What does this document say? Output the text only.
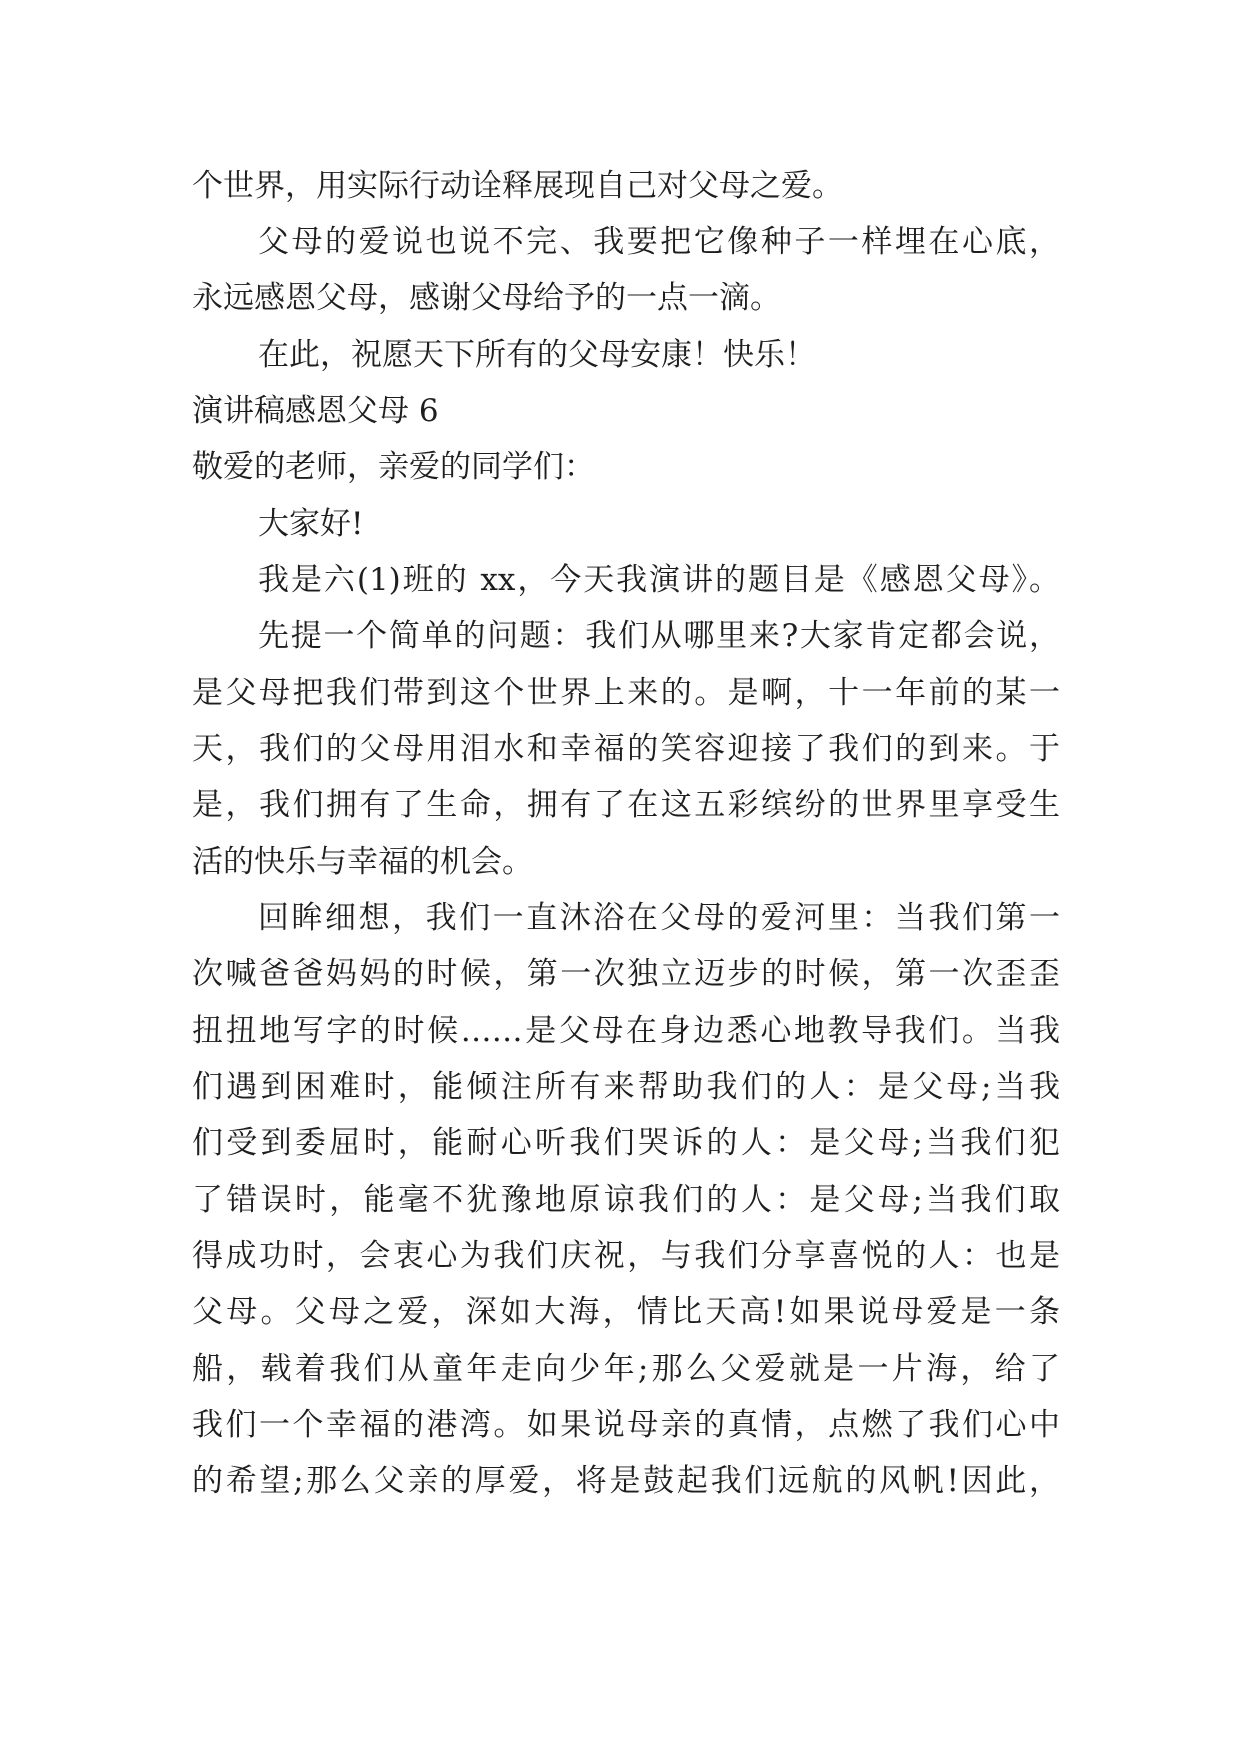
个世界，用实际行动诠释展现自己对父母之爱。
父母的爱说也说不完、我要把它像种子一样埋在心底，
永远感恩父母，感谢父母给予的一点一滴。
在此，祝愿天下所有的父母安康！快乐！
演讲稿感恩父母 6
敬爱的老师，亲爱的同学们：
大家好!
我是六(1)班的 xx，今天我演讲的题目是《感恩父母》。
先提一个简单的问题：我们从哪里来?大家肯定都会说，
是父母把我们带到这个世界上来的。是啊，十一年前的某一
天，我们的父母用泪水和幸福的笑容迎接了我们的到来。于
是，我们拥有了生命，拥有了在这五彩缤纷的世界里享受生
活的快乐与幸福的机会。
回眸细想，我们一直沐浴在父母的爱河里：当我们第一
次喊爸爸妈妈的时候，第一次独立迈步的时候，第一次歪歪
扭扭地写字的时候……是父母在身边悉心地教导我们。当我
们遇到困难时，能倾注所有来帮助我们的人：是父母;当我
们受到委屈时，能耐心听我们哭诉的人：是父母;当我们犯
了错误时，能毫不犹豫地原谅我们的人：是父母;当我们取
得成功时，会衷心为我们庆祝，与我们分享喜悦的人：也是
父母。父母之爱，深如大海，情比天高!如果说母爱是一条
船，载着我们从童年走向少年;那么父爱就是一片海，给了
我们一个幸福的港湾。如果说母亲的真情，点燃了我们心中
的希望;那么父亲的厚爱，将是鼓起我们远航的风帆!因此，
